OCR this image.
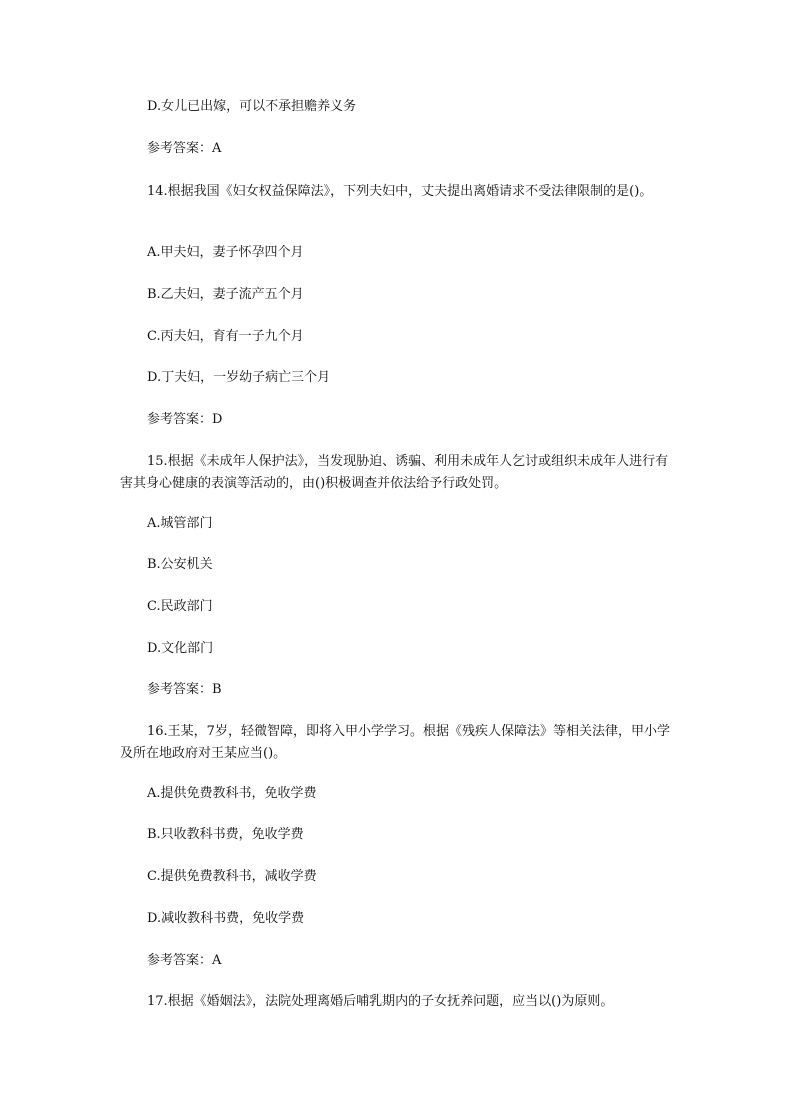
D.女儿已出嫁，可以不承担赡养义务
参考答案：A
14.根据我国《妇女权益保障法》，下列夫妇中，丈夫提出离婚请求不受法律限制的是()。
A.甲夫妇，妻子怀孕四个月
B.乙夫妇，妻子流产五个月
C.丙夫妇，育有一子九个月
D.丁夫妇，一岁幼子病亡三个月
参考答案：D
15.根据《未成年人保护法》，当发现胁迫、诱骗、利用未成年人乞讨或组织未成年人进行有害其身心健康的表演等活动的，由()积极调查并依法给予行政处罚。
A.城管部门
B.公安机关
C.民政部门
D.文化部门
参考答案：B
16.王某，7岁，轻微智障，即将入甲小学学习。根据《残疾人保障法》等相关法律，甲小学及所在地政府对王某应当()。
A.提供免费教科书，免收学费
B.只收教科书费，免收学费
C.提供免费教科书，减收学费
D.减收教科书费，免收学费
参考答案：A
17.根据《婚姻法》，法院处理离婚后哺乳期内的子女抚养问题，应当以()为原则。
